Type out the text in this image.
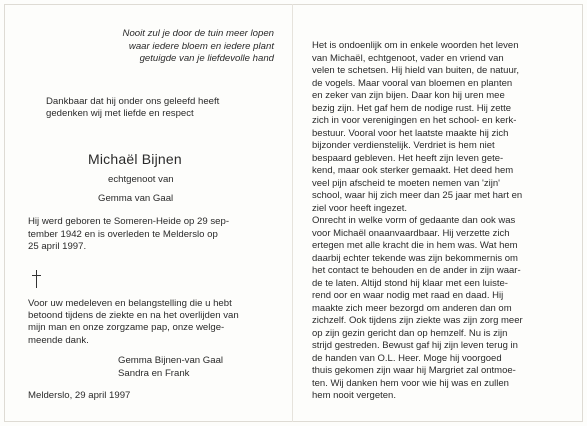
Nooit zul je door de tuin meer lopen
waar iedere bloem en iedere plant
getuigde van je liefdevolle hand

Dankbaar dat hij onder ons geleefd heeft
gedenken wij met liefde en respect
Michaël Bijnen
echtgenoot van
Gemma van Gaal
Hij werd geboren te Someren-Heide op 29 sep-
tember 1942 en is overleden te Melderslo op
25 april 1997.
Voor uw medeleven en belangstelling die u hebt
betoond tijdens de ziekte en na het overlijden van
mijn man en onze zorgzame pap, onze welge-
meende dank.
Gemma Bijnen-van Gaal
Sandra en Frank
Melderslo, 29 april 1997

Het is ondoenlijk om in enkele woorden het leven
van Michaël, echtgenoot, vader en vriend van
velen te schetsen. Hij hield van buiten, de natuur,
de vogels. Maar vooral van bloemen en planten
en zeker van zijn bijen. Daar kon hij uren mee
bezig zijn. Het gaf hem de nodige rust. Hij zette
zich in voor verenigingen en het school- en kerk-
bestuur. Vooral voor het laatste maakte hij zich
bijzonder verdienstelijk. Verdriet is hem niet
bespaard gebleven. Het heeft zijn leven gete-
kend, maar ook sterker gemaakt. Het deed hem
veel pijn afscheid te moeten nemen van 'zijn'
school, waar hij zich meer dan 25 jaar met hart en
ziel voor heeft ingezet.
Onrecht in welke vorm of gedaante dan ook was
voor Michaël onaanvaardbaar. Hij verzette zich
ertegen met alle kracht die in hem was. Wat hem
daarbij echter tekende was zijn bekommernis om
het contact te behouden en de ander in zijn waar-
de te laten. Altijd stond hij klaar met een luiste-
rend oor en waar nodig met raad en daad. Hij
maakte zich meer bezorgd om anderen dan om
zichzelf. Ook tijdens zijn ziekte was zijn zorg meer
op zijn gezin gericht dan op hemzelf. Nu is zijn
strijd gestreden. Bewust gaf hij zijn leven terug in
de handen van O.L. Heer. Moge hij voorgoed
thuis gekomen zijn waar hij Margriet zal ontmoe-
ten. Wij danken hem voor wie hij was en zullen
hem nooit vergeten.
